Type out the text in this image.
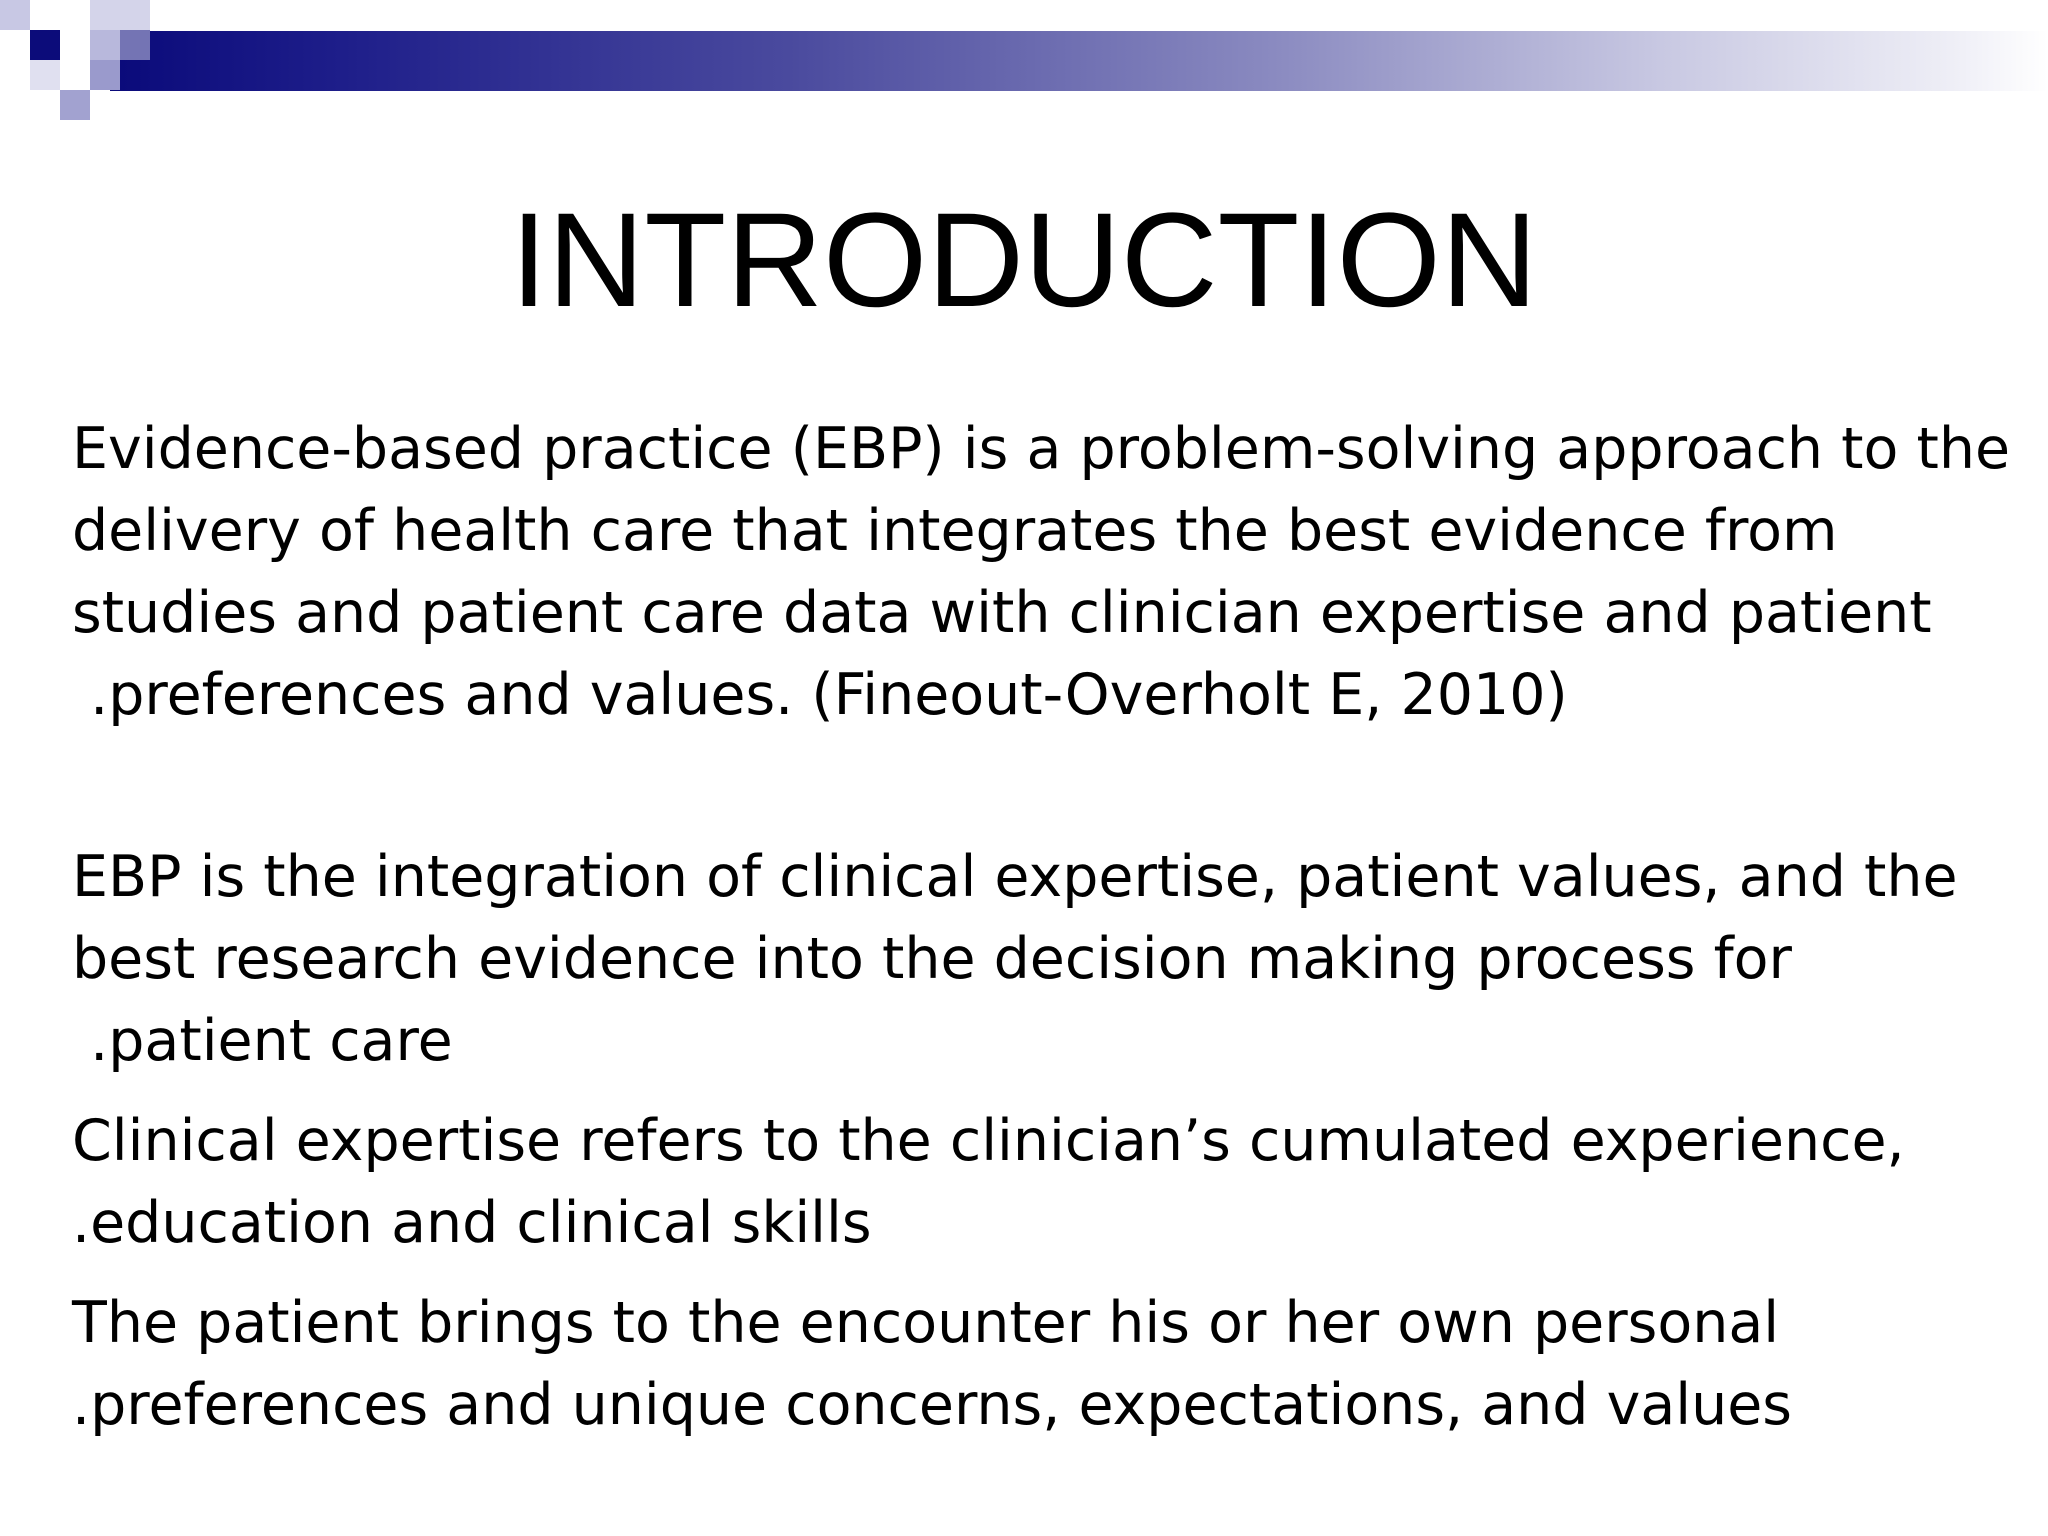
INTRODUCTION

Evidence-based practice (EBP) is a problem-solving approach to the
delivery of health care that integrates the best evidence from
studies and patient care data with clinician expertise and patient
.preferences and values. (Fineout-Overholt E, 2010)

EBP is the integration of clinical expertise, patient values, and the
best research evidence into the decision making process for
.patient care

Clinical expertise refers to the clinician’s cumulated experience,
.education and clinical skills

The patient brings to the encounter his or her own personal
.preferences and unique concerns, expectations, and values
